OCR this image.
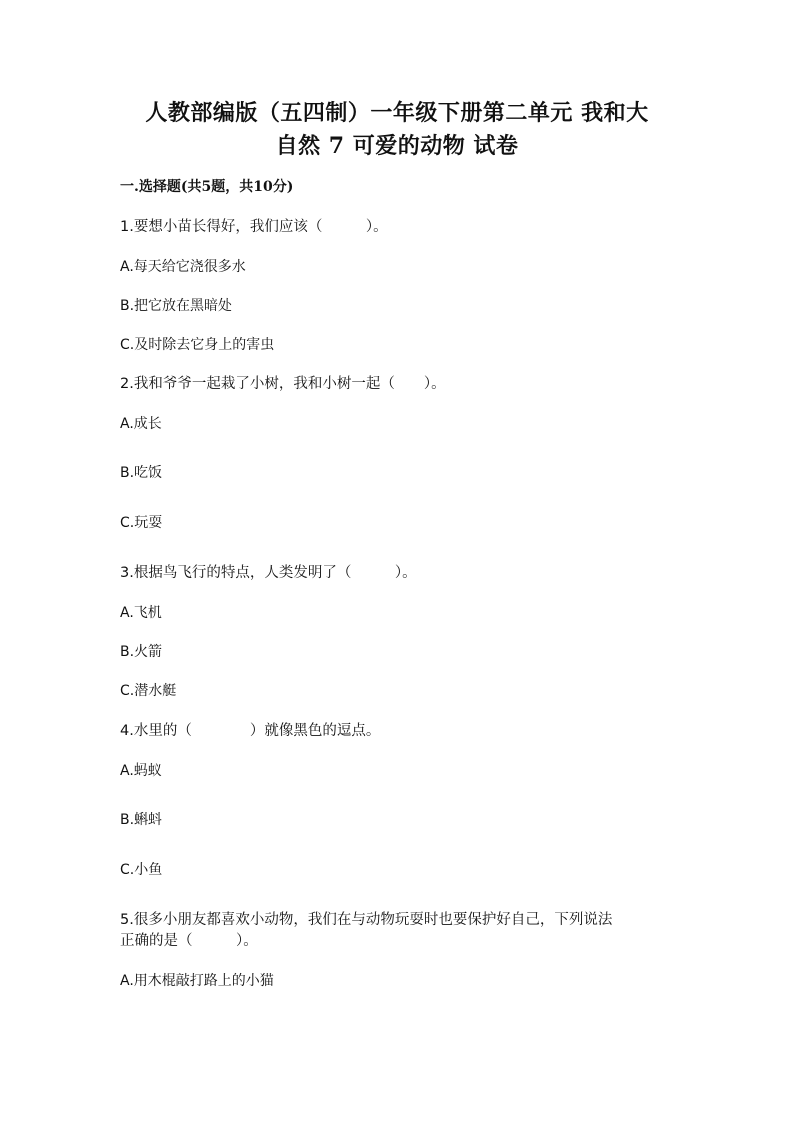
人教部编版（五四制）一年级下册第二单元 我和大
自然 7 可爱的动物 试卷
一.选择题(共5题，共10分)
1.要想小苗长得好，我们应该（　　　）。
A.每天给它浇很多水
B.把它放在黑暗处
C.及时除去它身上的害虫
2.我和爷爷一起栽了小树，我和小树一起（　　）。
A.成长
B.吃饭
C.玩耍
3.根据鸟飞行的特点，人类发明了（　　　）。
A.飞机
B.火箭
C.潜水艇
4.水里的（　　　　）就像黑色的逗点。
A.蚂蚁
B.蝌蚪
C.小鱼
5.很多小朋友都喜欢小动物，我们在与动物玩耍时也要保护好自己，下列说法
正确的是（　　　）。
A.用木棍敲打路上的小猫
